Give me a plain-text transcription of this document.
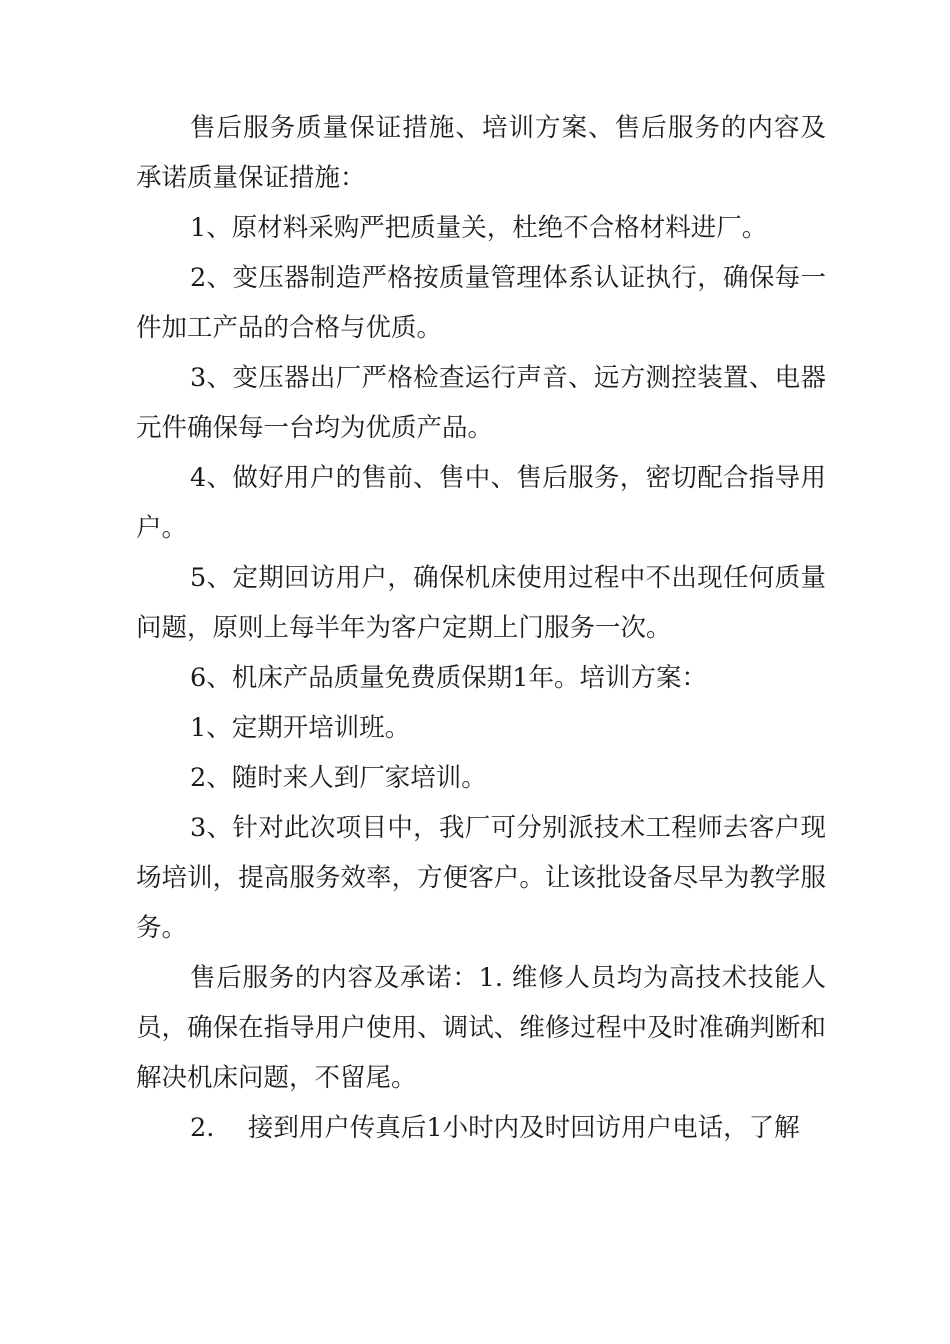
售后服务质量保证措施、培训方案、售后服务的内容及承诺质量保证措施：

1、原材料采购严把质量关，杜绝不合格材料进厂。

2、变压器制造严格按质量管理体系认证执行，确保每一件加工产品的合格与优质。

3、变压器出厂严格检查运行声音、远方测控装置、电器元件确保每一台均为优质产品。

4、做好用户的售前、售中、售后服务，密切配合指导用户。

5、定期回访用户，确保机床使用过程中不出现任何质量问题，原则上每半年为客户定期上门服务一次。

6、机床产品质量免费质保期1年。培训方案：

1、定期开培训班。

2、随时来人到厂家培训。

3、针对此次项目中，我厂可分别派技术工程师去客户现场培训，提高服务效率，方便客户。让该批设备尽早为教学服务。

售后服务的内容及承诺：1. 维修人员均为高技术技能人员，确保在指导用户使用、调试、维修过程中及时准确判断和解决机床问题，不留尾。

2.　 接到用户传真后1小时内及时回访用户电话，了解
